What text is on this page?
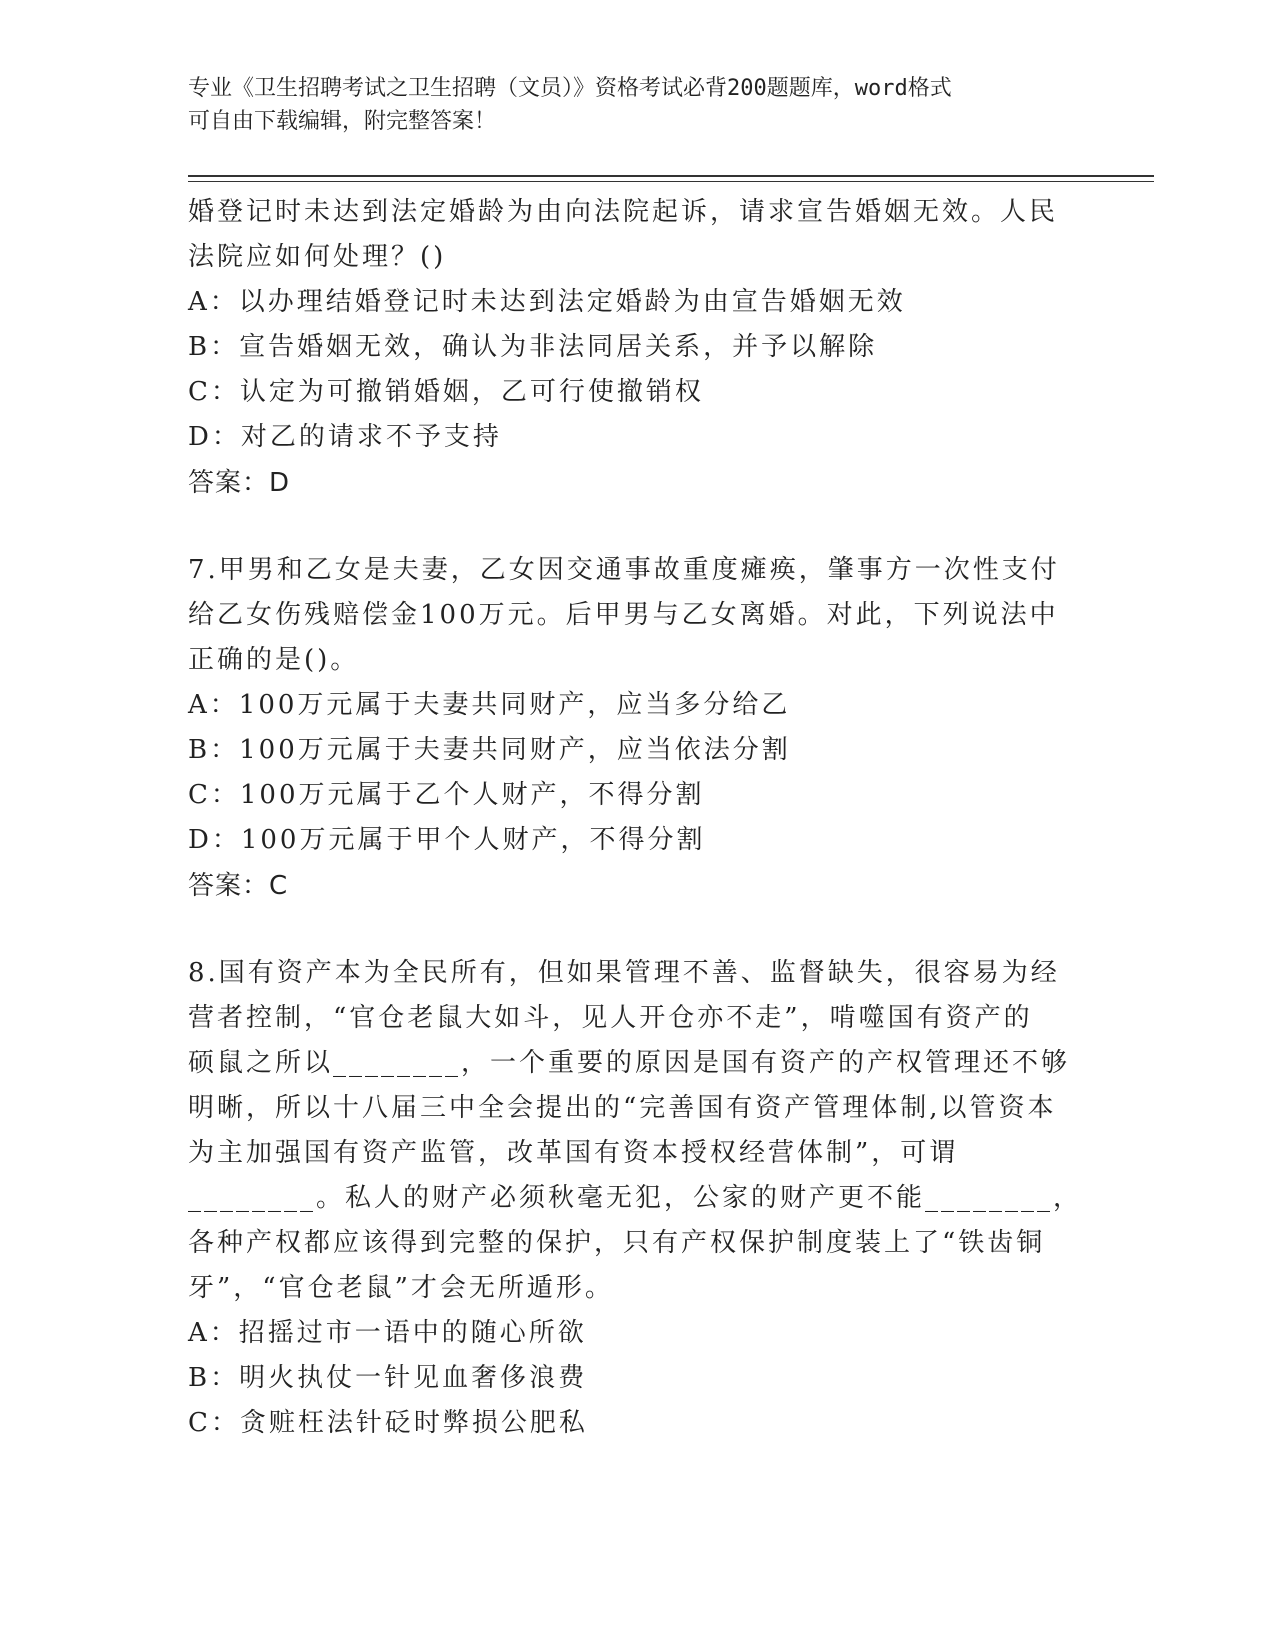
专业《卫生招聘考试之卫生招聘（文员）》资格考试必背200题题库，word格式
可自由下载编辑，附完整答案！
婚登记时未达到法定婚龄为由向法院起诉，请求宣告婚姻无效。人民
法院应如何处理？()
A：以办理结婚登记时未达到法定婚龄为由宣告婚姻无效
B：宣告婚姻无效，确认为非法同居关系，并予以解除
C：认定为可撤销婚姻，乙可行使撤销权
D：对乙的请求不予支持
答案：D
7.甲男和乙女是夫妻，乙女因交通事故重度瘫痪，肇事方一次性支付
给乙女伤残赔偿金100万元。后甲男与乙女离婚。对此，下列说法中
正确的是()。
A：100万元属于夫妻共同财产，应当多分给乙
B：100万元属于夫妻共同财产，应当依法分割
C：100万元属于乙个人财产，不得分割
D：100万元属于甲个人财产，不得分割
答案：C
8.国有资产本为全民所有，但如果管理不善、监督缺失，很容易为经
营者控制，“官仓老鼠大如斗，见人开仓亦不走”，啃噬国有资产的
硕鼠之所以________，一个重要的原因是国有资产的产权管理还不够
明晰，所以十八届三中全会提出的“完善国有资产管理体制,以管资本
为主加强国有资产监管，改革国有资本授权经营体制”，可谓
________。私人的财产必须秋毫无犯，公家的财产更不能________，
各种产权都应该得到完整的保护，只有产权保护制度装上了“铁齿铜
牙”，“官仓老鼠”才会无所遁形。
A：招摇过市一语中的随心所欲
B：明火执仗一针见血奢侈浪费
C：贪赃枉法针砭时弊损公肥私
